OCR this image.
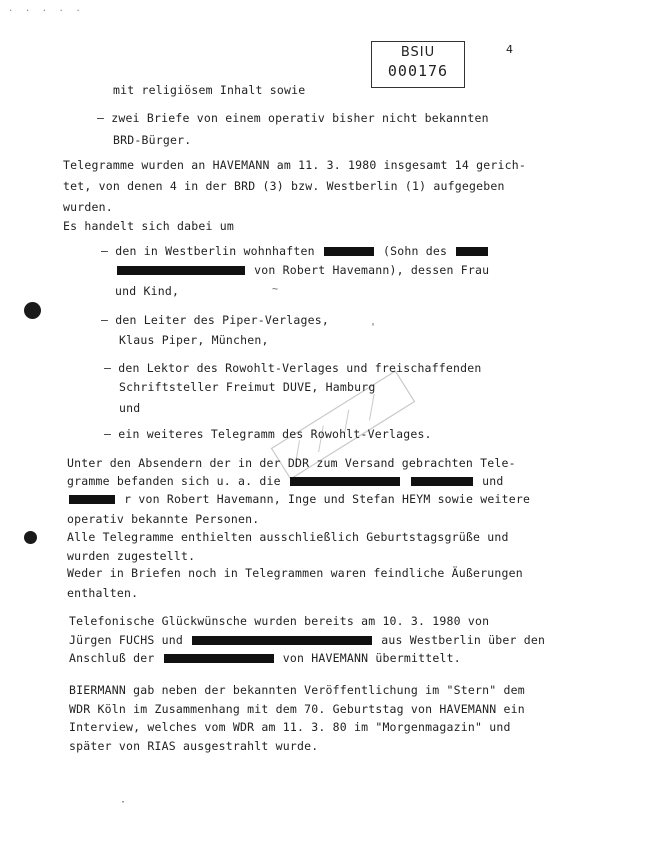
. . . . .
BSIU
000176
4
mit religiösem Inhalt sowie
– zwei Briefe von einem operativ bisher nicht bekannten
BRD-Bürger.
Telegramme wurden an HAVEMANN am 11. 3. 1980 insgesamt 14 gerich-
tet, von denen 4 in der BRD (3) bzw. Westberlin (1) aufgegeben
wurden.
Es handelt sich dabei um
– den in Westberlin wohnhaften	(Sohn des
von Robert Havemann), dessen Frau
und Kind,
– den Leiter des Piper-Verlages,
Klaus Piper, München,
– den Lektor des Rowohlt-Verlages und freischaffenden
Schriftsteller Freimut DUVE, Hamburg
und
– ein weiteres Telegramm des Rowohlt-Verlages.
Unter den Absendern der in der DDR zum Versand gebrachten Tele-
gramme befanden sich u. a. die	und
r von Robert Havemann, Inge und Stefan HEYM sowie weitere
operativ bekannte Personen.
Alle Telegramme enthielten ausschließlich Geburtstagsgrüße und
wurden zugestellt.
Weder in Briefen noch in Telegrammen waren feindliche Äußerungen
enthalten.
Telefonische Glückwünsche wurden bereits am 10. 3. 1980 von
Jürgen FUCHS und	aus Westberlin über den
Anschluß der	von HAVEMANN übermittelt.
BIERMANN gab neben der bekannten Veröffentlichung im "Stern" dem
WDR Köln im Zusammenhang mit dem 70. Geburtstag von HAVEMANN ein
Interview, welches vom WDR am 11. 3. 80 im "Morgenmagazin" und
später von RIAS ausgestrahlt wurde.
'
~
·
